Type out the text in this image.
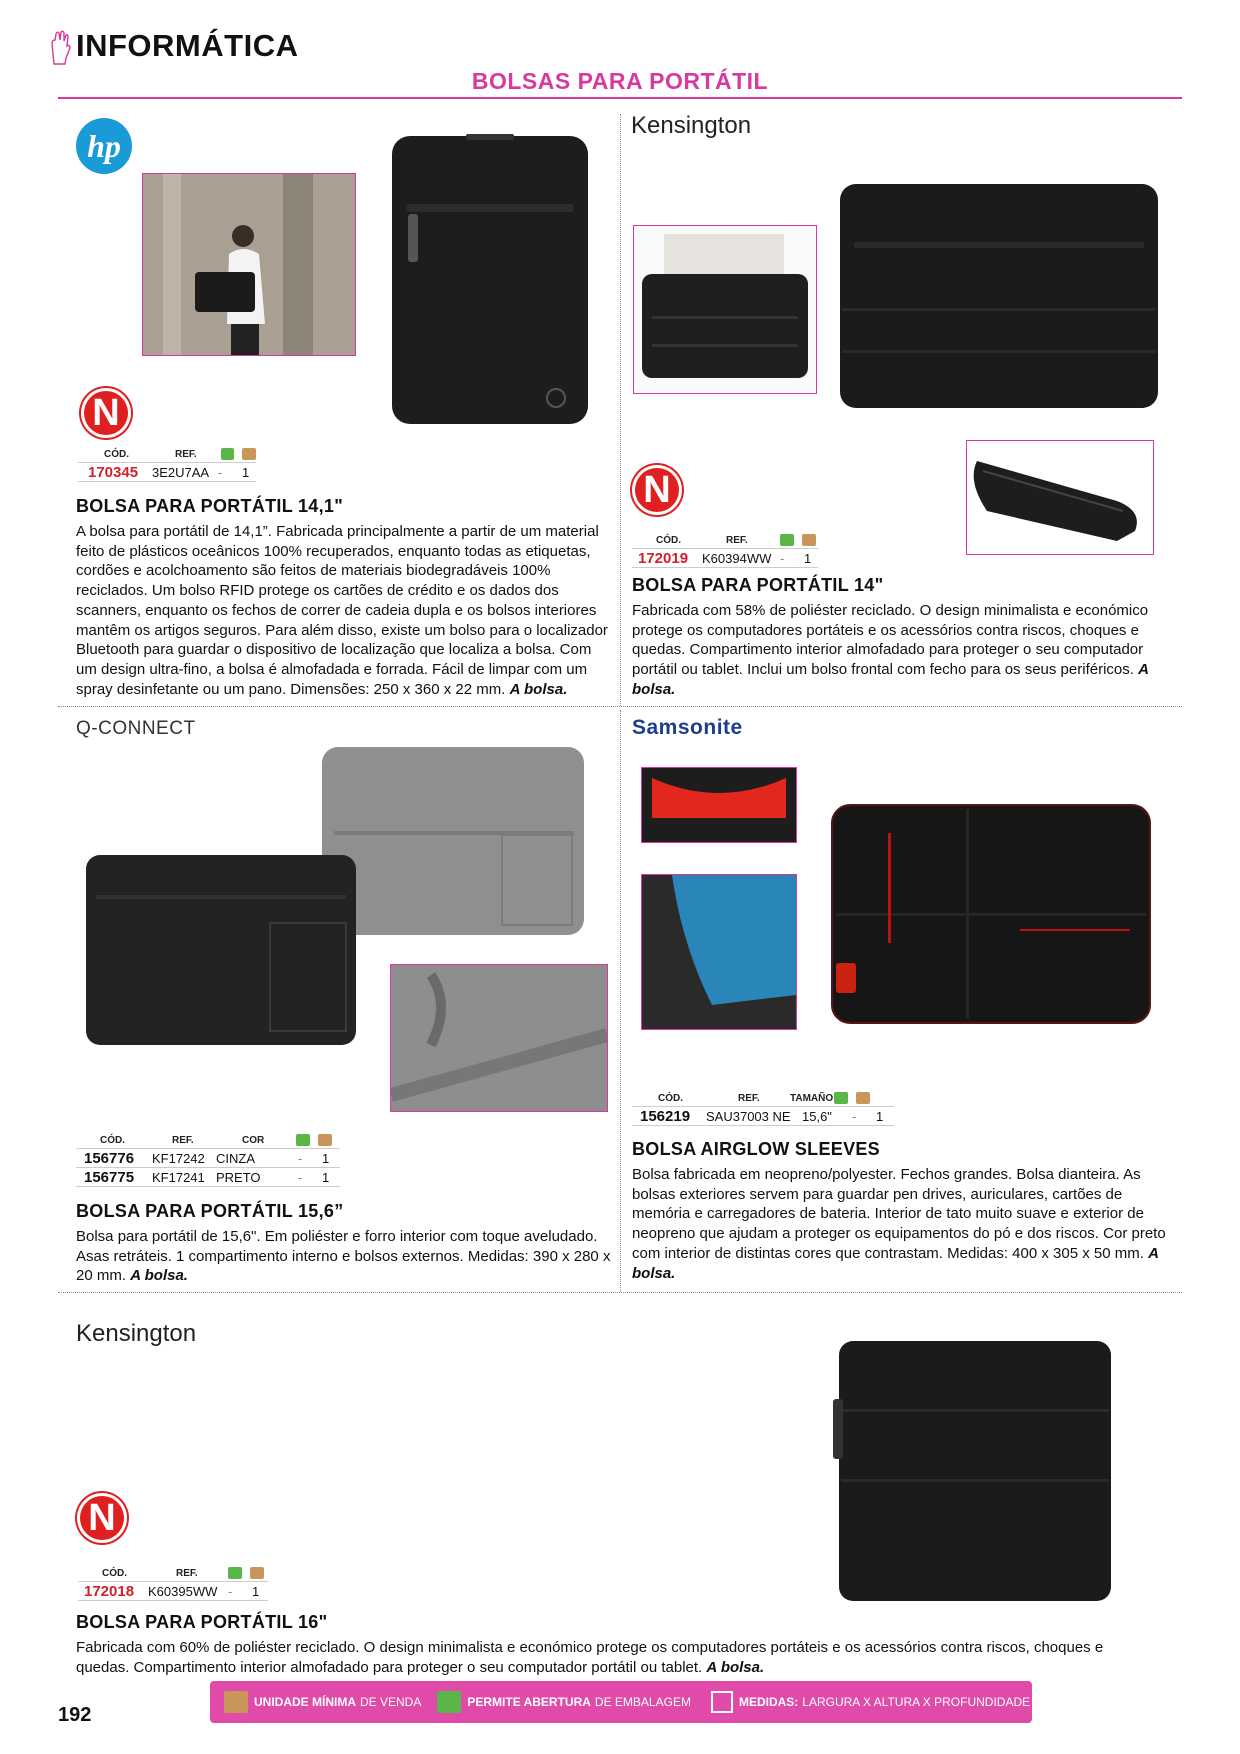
INFORMÁTICA
BOLSAS PARA PORTÁTIL
hp
N
CÓD.	REF.
170345	3E2U7AA -	1
BOLSA PARA PORTÁTIL 14,1"
A bolsa para portátil de 14,1”. Fabricada principalmente a partir de um material feito de plásticos oceânicos 100% recuperados, enquanto todas as etiquetas, cordões e acolchoamento são feitos de materiais biodegradáveis 100% reciclados. Um bolso RFID protege os cartões de crédito e os dados dos scanners, enquanto os fechos de correr de cadeia dupla e os bolsos interiores mantêm os artigos seguros. Para além disso, existe um bolso para o localizador Bluetooth para guardar o dispositivo de localização que localiza a bolsa. Com um design ultra-fino, a bolsa é almofadada e forrada. Fácil de limpar com um spray desinfetante ou um pano. Dimensões: 250 x 360 x 22 mm. A bolsa.
Kensington
N
CÓD.	REF.
172019	K60394WW -	1
BOLSA PARA PORTÁTIL 14"
Fabricada com 58% de poliéster reciclado. O design minimalista e económico protege os computadores portáteis e os acessórios contra riscos, choques e quedas. Compartimento interior almofadado para proteger o seu computador portátil ou tablet. Inclui um bolso frontal com fecho para os seus periféricos. A bolsa.
Q-CONNECT
CÓD.	REF.	COR
156776	KF17242 CINZA	-	1
156775	KF17241 PRETO	-	1
BOLSA PARA PORTÁTIL 15,6”
Bolsa para portátil de 15,6". Em poliéster e forro interior com toque aveludado. Asas retráteis. 1 compartimento interno e bolsos externos. Medidas: 390 x 280 x 20 mm. A bolsa.
Samsonite
CÓD.	REF.	TAMAÑO
156219	SAU37003 NE 15,6"	-	1
BOLSA AIRGLOW SLEEVES
Bolsa fabricada em neopreno/polyester. Fechos grandes. Bolsa dianteira. As bolsas exteriores servem para guardar pen drives, auriculares, cartões de memória e carregadores de bateria. Interior de tato muito suave e exterior de neopreno que ajudam a proteger os equipamentos do pó e dos riscos. Cor preto com interior de distintas cores que contrastam. Medidas: 400 x 305 x 50 mm. A bolsa.
Kensington
N
CÓD.	REF.
172018	K60395WW -	1
BOLSA PARA PORTÁTIL 16"
Fabricada com 60% de poliéster reciclado. O design minimalista e económico protege os computadores portáteis e os acessórios contra riscos, choques e quedas. Compartimento interior almofadado para proteger o seu computador portátil ou tablet. A bolsa.
192
UNIDADE MÍNIMA DE VENDA	PERMITE ABERTURA DE EMBALAGEM	MEDIDAS: LARGURA X ALTURA X PROFUNDIDADE
